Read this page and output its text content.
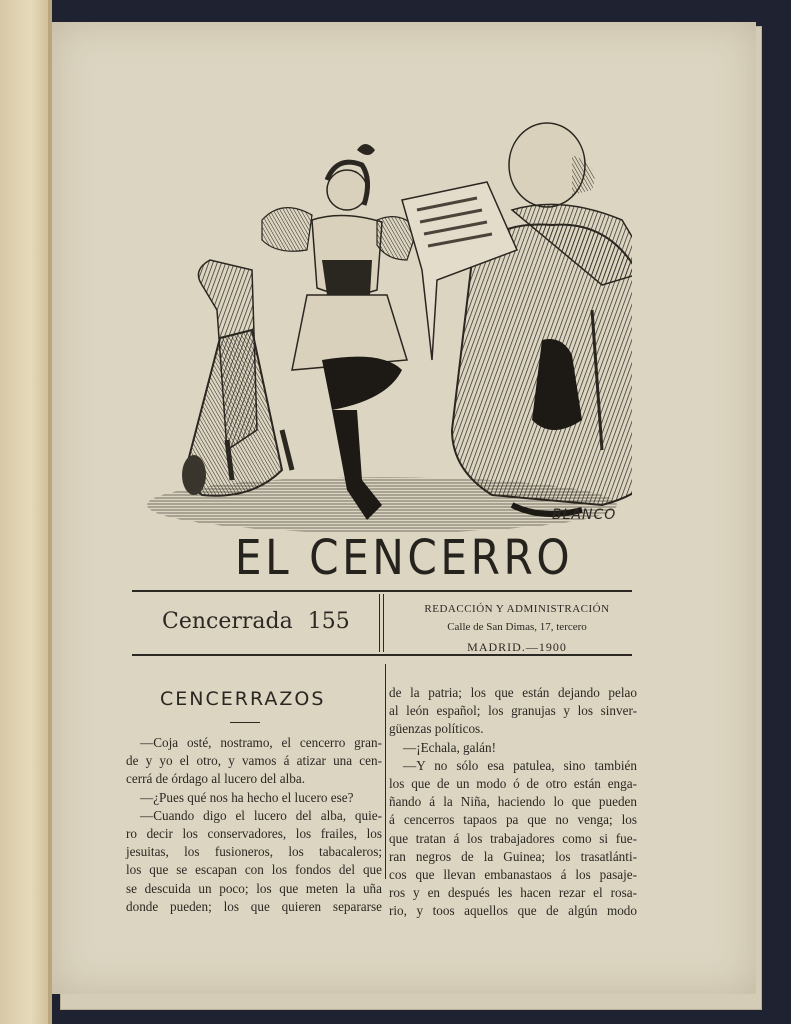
BLANCO
EL CENCERRO
Cencerrada 155	REDACCIÓN Y ADMINISTRACIÓN
Calle de San Dimas, 17, tercero
MADRID.—1900
CENCERRAZOS
—Coja osté, nostramo, el cencerro gran-
de y yo el otro, y vamos á atizar una cen-
cerrá de órdago al lucero del alba.
—¿Pues qué nos ha hecho el lucero ese?
—Cuando digo el lucero del alba, quie-
ro decir los conservadores, los frailes, los
jesuitas, los fusioneros, los tabacaleros;
los que se escapan con los fondos del que
se descuida un poco; los que meten la uña
donde pueden; los que quieren separarse
de la patria; los que están dejando pelao
al león español; los granujas y los sinver-
güenzas políticos.
—¡Echala, galán!
—Y no sólo esa patulea, sino también
los que de un modo ó de otro están enga-
ñando á la Niña, haciendo lo que pueden
á cencerros tapaos pa que no venga; los
que tratan á los trabajadores como si fue-
ran negros de la Guinea; los trasatlánti-
cos que llevan embanastaos á los pasaje-
ros y en después les hacen rezar el rosa-
rio, y toos aquellos que de algún modo
